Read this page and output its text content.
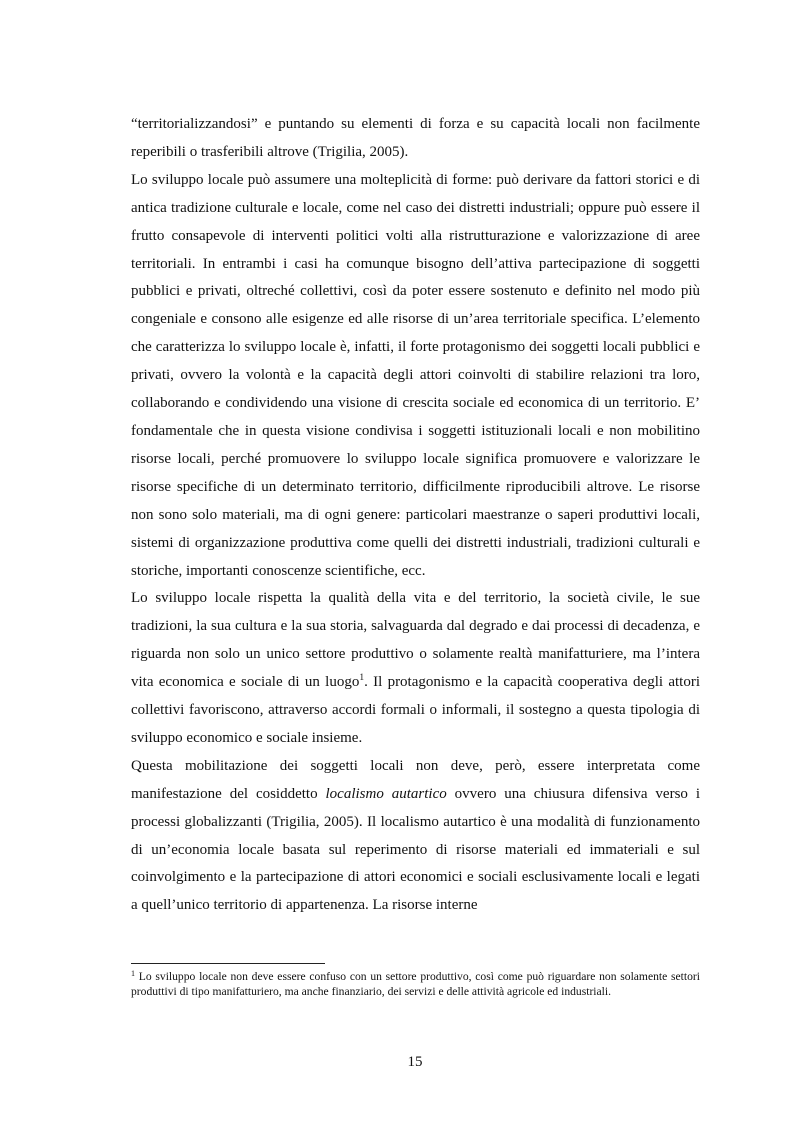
“territorializzandosi” e puntando su elementi di forza e su capacità locali non facilmente reperibili o trasferibili altrove (Trigilia, 2005).

Lo sviluppo locale può assumere una molteplicità di forme: può derivare da fattori storici e di antica tradizione culturale e locale, come nel caso dei distretti industriali; oppure può essere il frutto consapevole di interventi politici volti alla ristrutturazione e valorizzazione di aree territoriali. In entrambi i casi ha comunque bisogno dell’attiva partecipazione di soggetti pubblici e privati, oltreché collettivi, così da poter essere sostenuto e definito nel modo più congeniale e consono alle esigenze ed alle risorse di un’area territoriale specifica. L’elemento che caratterizza lo sviluppo locale è, infatti, il forte protagonismo dei soggetti locali pubblici e privati, ovvero la volontà e la capacità degli attori coinvolti di stabilire relazioni tra loro, collaborando e condividendo una visione di crescita sociale ed economica di un territorio. E’ fondamentale che in questa visione condivisa i soggetti istituzionali locali e non mobilitino risorse locali, perché promuovere lo sviluppo locale significa promuovere e valorizzare le risorse specifiche di un determinato territorio, difficilmente riproducibili altrove. Le risorse non sono solo materiali, ma di ogni genere: particolari maestranze o saperi produttivi locali, sistemi di organizzazione produttiva come quelli dei distretti industriali, tradizioni culturali e storiche, importanti conoscenze scientifiche, ecc.

Lo sviluppo locale rispetta la qualità della vita e del territorio, la società civile, le sue tradizioni, la sua cultura e la sua storia, salvaguarda dal degrado e dai processi di decadenza, e riguarda non solo un unico settore produttivo o solamente realtà manifatturiere, ma l’intera vita economica e sociale di un luogo$^1$. Il protagonismo e la capacità cooperativa degli attori collettivi favoriscono, attraverso accordi formali o informali, il sostegno a questa tipologia di sviluppo economico e sociale insieme.

Questa mobilitazione dei soggetti locali non deve, però, essere interpretata come manifestazione del cosiddetto localismo autartico ovvero una chiusura difensiva verso i processi globalizzanti (Trigilia, 2005). Il localismo autartico è una modalità di funzionamento di un’economia locale basata sul reperimento di risorse materiali ed immateriali e sul coinvolgimento e la partecipazione di attori economici e sociali esclusivamente locali e legati a quell’unico territorio di appartenenza. La risorse interne

$^1$ Lo sviluppo locale non deve essere confuso con un settore produttivo, così come può riguardare non solamente settori produttivi di tipo manifatturiero, ma anche finanziario, dei servizi e delle attività agricole ed industriali.
15
